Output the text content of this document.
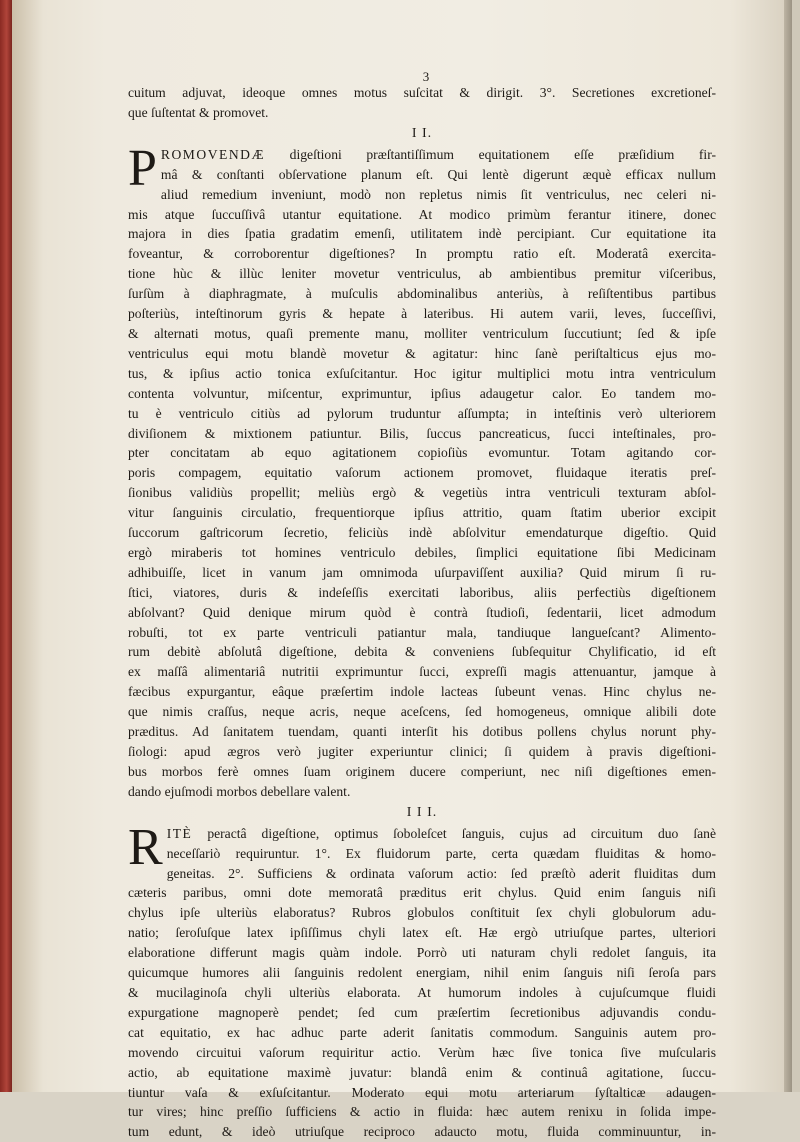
3
cuitum adjuvat, ideoque omnes motus suſcitat & dirigit. 3°. Secretiones excretioneſ-
que ſuſtentat & promovet.
I I.
P ROMOVENDÆ digeſtioni præſtantiſſimum equitationem eſſe præſidium fir-
mâ & conſtanti obſervatione planum eſt. Qui lentè digerunt æquè efficax nullum
aliud remedium inveniunt, modò non repletus nimis ſit ventriculus, nec celeri ni-
mis atque ſuccuſſivâ utantur equitatione. At modico primùm ferantur itinere, donec
majora in dies ſpatia gradatim emenſi, utilitatem indè percipiant. Cur equitatione ita
foveantur, & corroborentur digeſtiones? In promptu ratio eſt. Moderatâ exercita-
tione hùc & illùc leniter movetur ventriculus, ab ambientibus premitur viſceribus,
ſurſùm à diaphragmate, à muſculis abdominalibus anteriùs, à reſiſtentibus partibus
poſteriùs, inteſtinorum gyris & hepate à lateribus. Hi autem varii, leves, ſucceſſivi,
& alternati motus, quaſi premente manu, molliter ventriculum ſuccutiunt; ſed & ipſe
ventriculus equi motu blandè movetur & agitatur: hinc ſanè periſtalticus ejus mo-
tus, & ipſius actio tonica exſuſcitantur. Hoc igitur multiplici motu intra ventriculum
contenta volvuntur, miſcentur, exprimuntur, ipſius adaugetur calor. Eo tandem mo-
tu è ventriculo citiùs ad pylorum truduntur aſſumpta; in inteſtinis verò ulteriorem
diviſionem & mixtionem patiuntur. Bilis, ſuccus pancreaticus, ſucci inteſtinales, pro-
pter concitatam ab equo agitationem copioſiùs evomuntur. Totam agitando cor-
poris compagem, equitatio vaſorum actionem promovet, fluidaque iteratis preſ-
ſionibus validiùs propellit; meliùs ergò & vegetiùs intra ventriculi texturam abſol-
vitur ſanguinis circulatio, frequentiorque ipſius attritio, quam ſtatim uberior excipit
ſuccorum gaſtricorum ſecretio, feliciùs indè abſolvitur emendaturque digeſtio. Quid
ergò miraberis tot homines ventriculo debiles, ſimplici equitatione ſibi Medicinam
adhibuiſſe, licet in vanum jam omnimoda uſurpaviſſent auxilia? Quid mirum ſi ru-
ſtici, viatores, duris & indeſeſſis exercitati laboribus, aliis perfectiùs digeſtionem
abſolvant? Quid denique mirum quòd è contrà ſtudioſi, ſedentarii, licet admodum
robuſti, tot ex parte ventriculi patiantur mala, tandiuque langueſcant? Alimento-
rum debitè abſolutâ digeſtione, debita & conveniens ſubſequitur Chylificatio, id eſt
ex maſſâ alimentariâ nutritii exprimuntur ſucci, expreſſi magis attenuantur, jamque à
fæcibus expurgantur, eâque præſertim indole lacteas ſubeunt venas. Hinc chylus ne-
que nimis craſſus, neque acris, neque aceſcens, ſed homogeneus, omnique alibili dote
præditus. Ad ſanitatem tuendam, quanti interſit his dotibus pollens chylus norunt phy-
ſiologi: apud ægros verò jugiter experiuntur clinici; ſi quidem à pravis digeſtioni-
bus morbos ferè omnes ſuam originem ducere comperiunt, nec niſi digeſtiones emen-
dando ejuſmodi morbos debellare valent.
I I I.
R ITÈ peractâ digeſtione, optimus ſoboleſcet ſanguis, cujus ad circuitum duo ſanè
neceſſariò requiruntur. 1°. Ex fluidorum parte, certa quædam fluiditas & homo-
geneitas. 2°. Sufficiens & ordinata vaſorum actio: ſed præſtò aderit fluiditas dum
cæteris paribus, omni dote memoratâ præditus erit chylus. Quid enim ſanguis niſi
chylus ipſe ulteriùs elaboratus? Rubros globulos conſtituit ſex chyli globulorum adu-
natio; ſeroſuſque latex ipſiſſimus chyli latex eſt. Hæ ergò utriuſque partes, ulteriori
elaboratione differunt magis quàm indole. Porrò uti naturam chyli redolet ſanguis, ita
quicumque humores alii ſanguinis redolent energiam, nihil enim ſanguis niſi ſeroſa pars
& mucilaginoſa chyli ulteriùs elaborata. At humorum indoles à cujuſcumque fluidi
expurgatione magnoperè pendet; ſed cum præſertim ſecretionibus adjuvandis condu-
cat equitatio, ex hac adhuc parte aderit ſanitatis commodum. Sanguinis autem pro-
movendo circuitui vaſorum requiritur actio. Verùm hæc ſive tonica ſive muſcularis
actio, ab equitatione maximè juvatur: blandâ enim & continuâ agitatione, ſuccu-
tiuntur vaſa & exſuſcitantur. Moderato equi motu arteriarum ſyſtalticæ adaugen-
tur vires; hinc preſſio ſufficiens & actio in fluida: hæc autem renixu in ſolida impe-
tum edunt, & ideò utriuſque reciproco adaucto motu, fluida comminuuntur, in-
